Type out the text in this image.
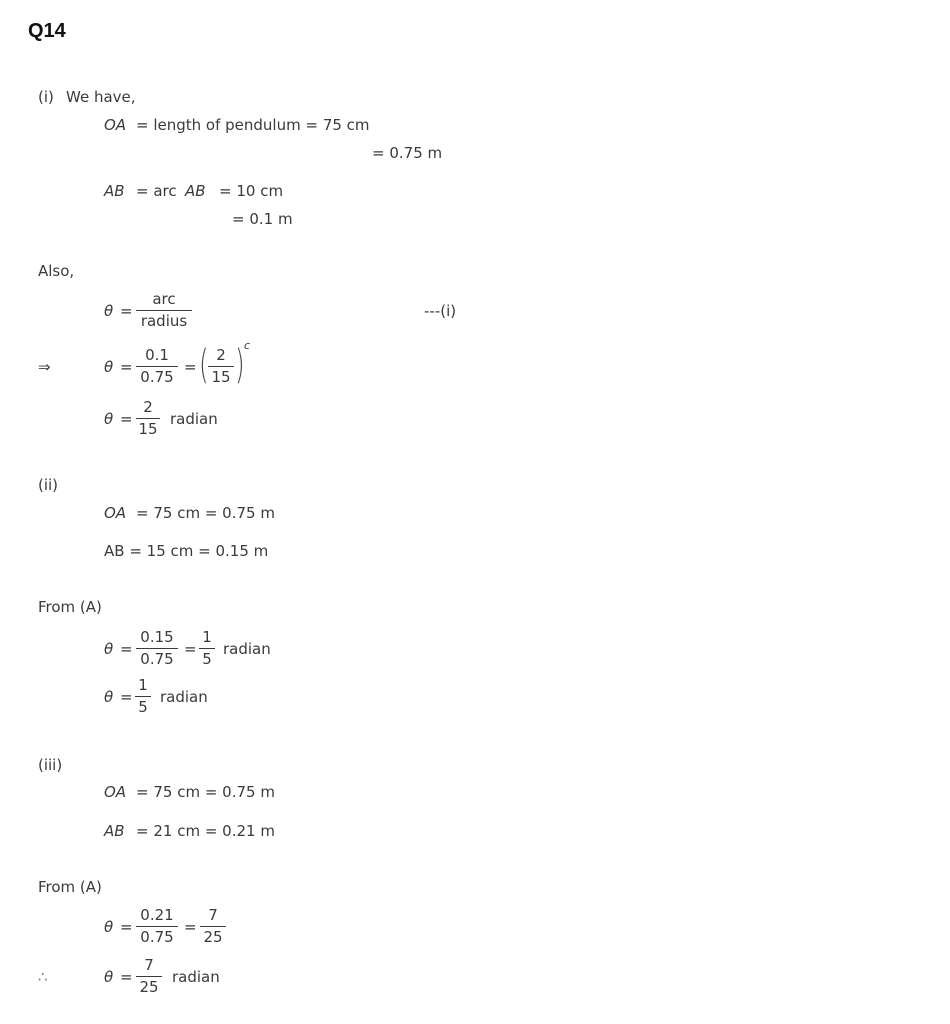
Q14
(i) We have,
OA = length of pendulum = 75 cm
= 0.75 m
AB = arc AB = 10 cm
= 0.1 m
Also,
θ =
arc
radius
---(i)
⇒	θ =
0.1
0.75
= ( 2
15 ) c
θ =
2
15
radian
(ii)
OA = 75 cm = 0.75 m
AB = 15 cm = 0.15 m
From (A)
θ =
0.15
0.75
=
1
5
radian
θ =
1
5
radian
(iii)
OA = 75 cm = 0.75 m
AB = 21 cm = 0.21 m
From (A)
θ =
0.21
0.75
=
7
25
∴	θ =
7
25
radian
